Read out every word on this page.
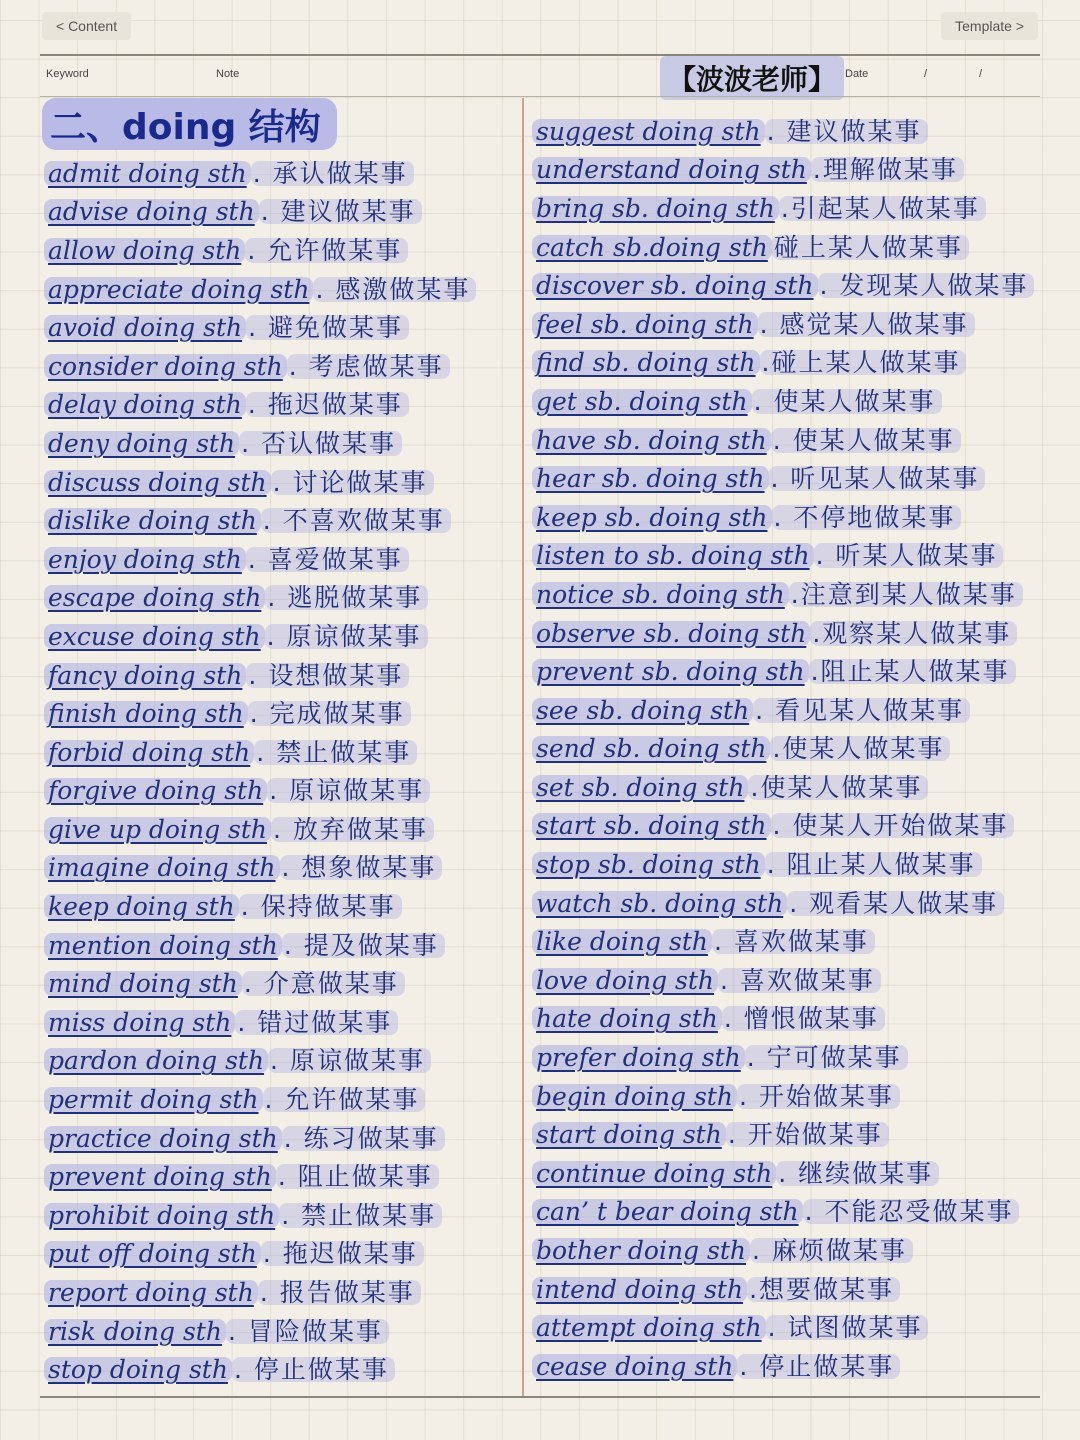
< Content	Template >
Keyword	Note	【波波老师】 Date	/	/
二、doing 结构
admit doing sth . 承认做某事
advise doing sth . 建议做某事
allow doing sth . 允许做某事
appreciate doing sth . 感激做某事
avoid doing sth . 避免做某事
consider doing sth . 考虑做某事
delay doing sth . 拖迟做某事
deny doing sth . 否认做某事
discuss doing sth . 讨论做某事
dislike doing sth . 不喜欢做某事
enjoy doing sth . 喜爱做某事
escape doing sth . 逃脱做某事
excuse doing sth . 原谅做某事
fancy doing sth . 设想做某事
finish doing sth . 完成做某事
forbid doing sth . 禁止做某事
forgive doing sth . 原谅做某事
give up doing sth . 放弃做某事
imagine doing sth . 想象做某事
keep doing sth . 保持做某事
mention doing sth . 提及做某事
mind doing sth . 介意做某事
miss doing sth . 错过做某事
pardon doing sth . 原谅做某事
permit doing sth . 允许做某事
practice doing sth . 练习做某事
prevent doing sth . 阻止做某事
prohibit doing sth . 禁止做某事
put off doing sth . 拖迟做某事
report doing sth . 报告做某事
risk doing sth . 冒险做某事
stop doing sth . 停止做某事
suggest doing sth . 建议做某事
understand doing sth .理解做某事
bring sb. doing sth .引起某人做某事
catch sb.doing sth 碰上某人做某事
discover sb. doing sth . 发现某人做某事
feel sb. doing sth . 感觉某人做某事
find sb. doing sth .碰上某人做某事
get sb. doing sth . 使某人做某事
have sb. doing sth . 使某人做某事
hear sb. doing sth . 听见某人做某事
keep sb. doing sth . 不停地做某事
listen to sb. doing sth . 听某人做某事
notice sb. doing sth .注意到某人做某事
observe sb. doing sth .观察某人做某事
prevent sb. doing sth .阻止某人做某事
see sb. doing sth . 看见某人做某事
send sb. doing sth .使某人做某事
set sb. doing sth .使某人做某事
start sb. doing sth . 使某人开始做某事
stop sb. doing sth . 阻止某人做某事
watch sb. doing sth . 观看某人做某事
like doing sth . 喜欢做某事
love doing sth . 喜欢做某事
hate doing sth . 憎恨做某事
prefer doing sth . 宁可做某事
begin doing sth . 开始做某事
start doing sth . 开始做某事
continue doing sth . 继续做某事
can’ t bear doing sth . 不能忍受做某事
bother doing sth . 麻烦做某事
intend doing sth .想要做某事
attempt doing sth . 试图做某事
cease doing sth . 停止做某事
